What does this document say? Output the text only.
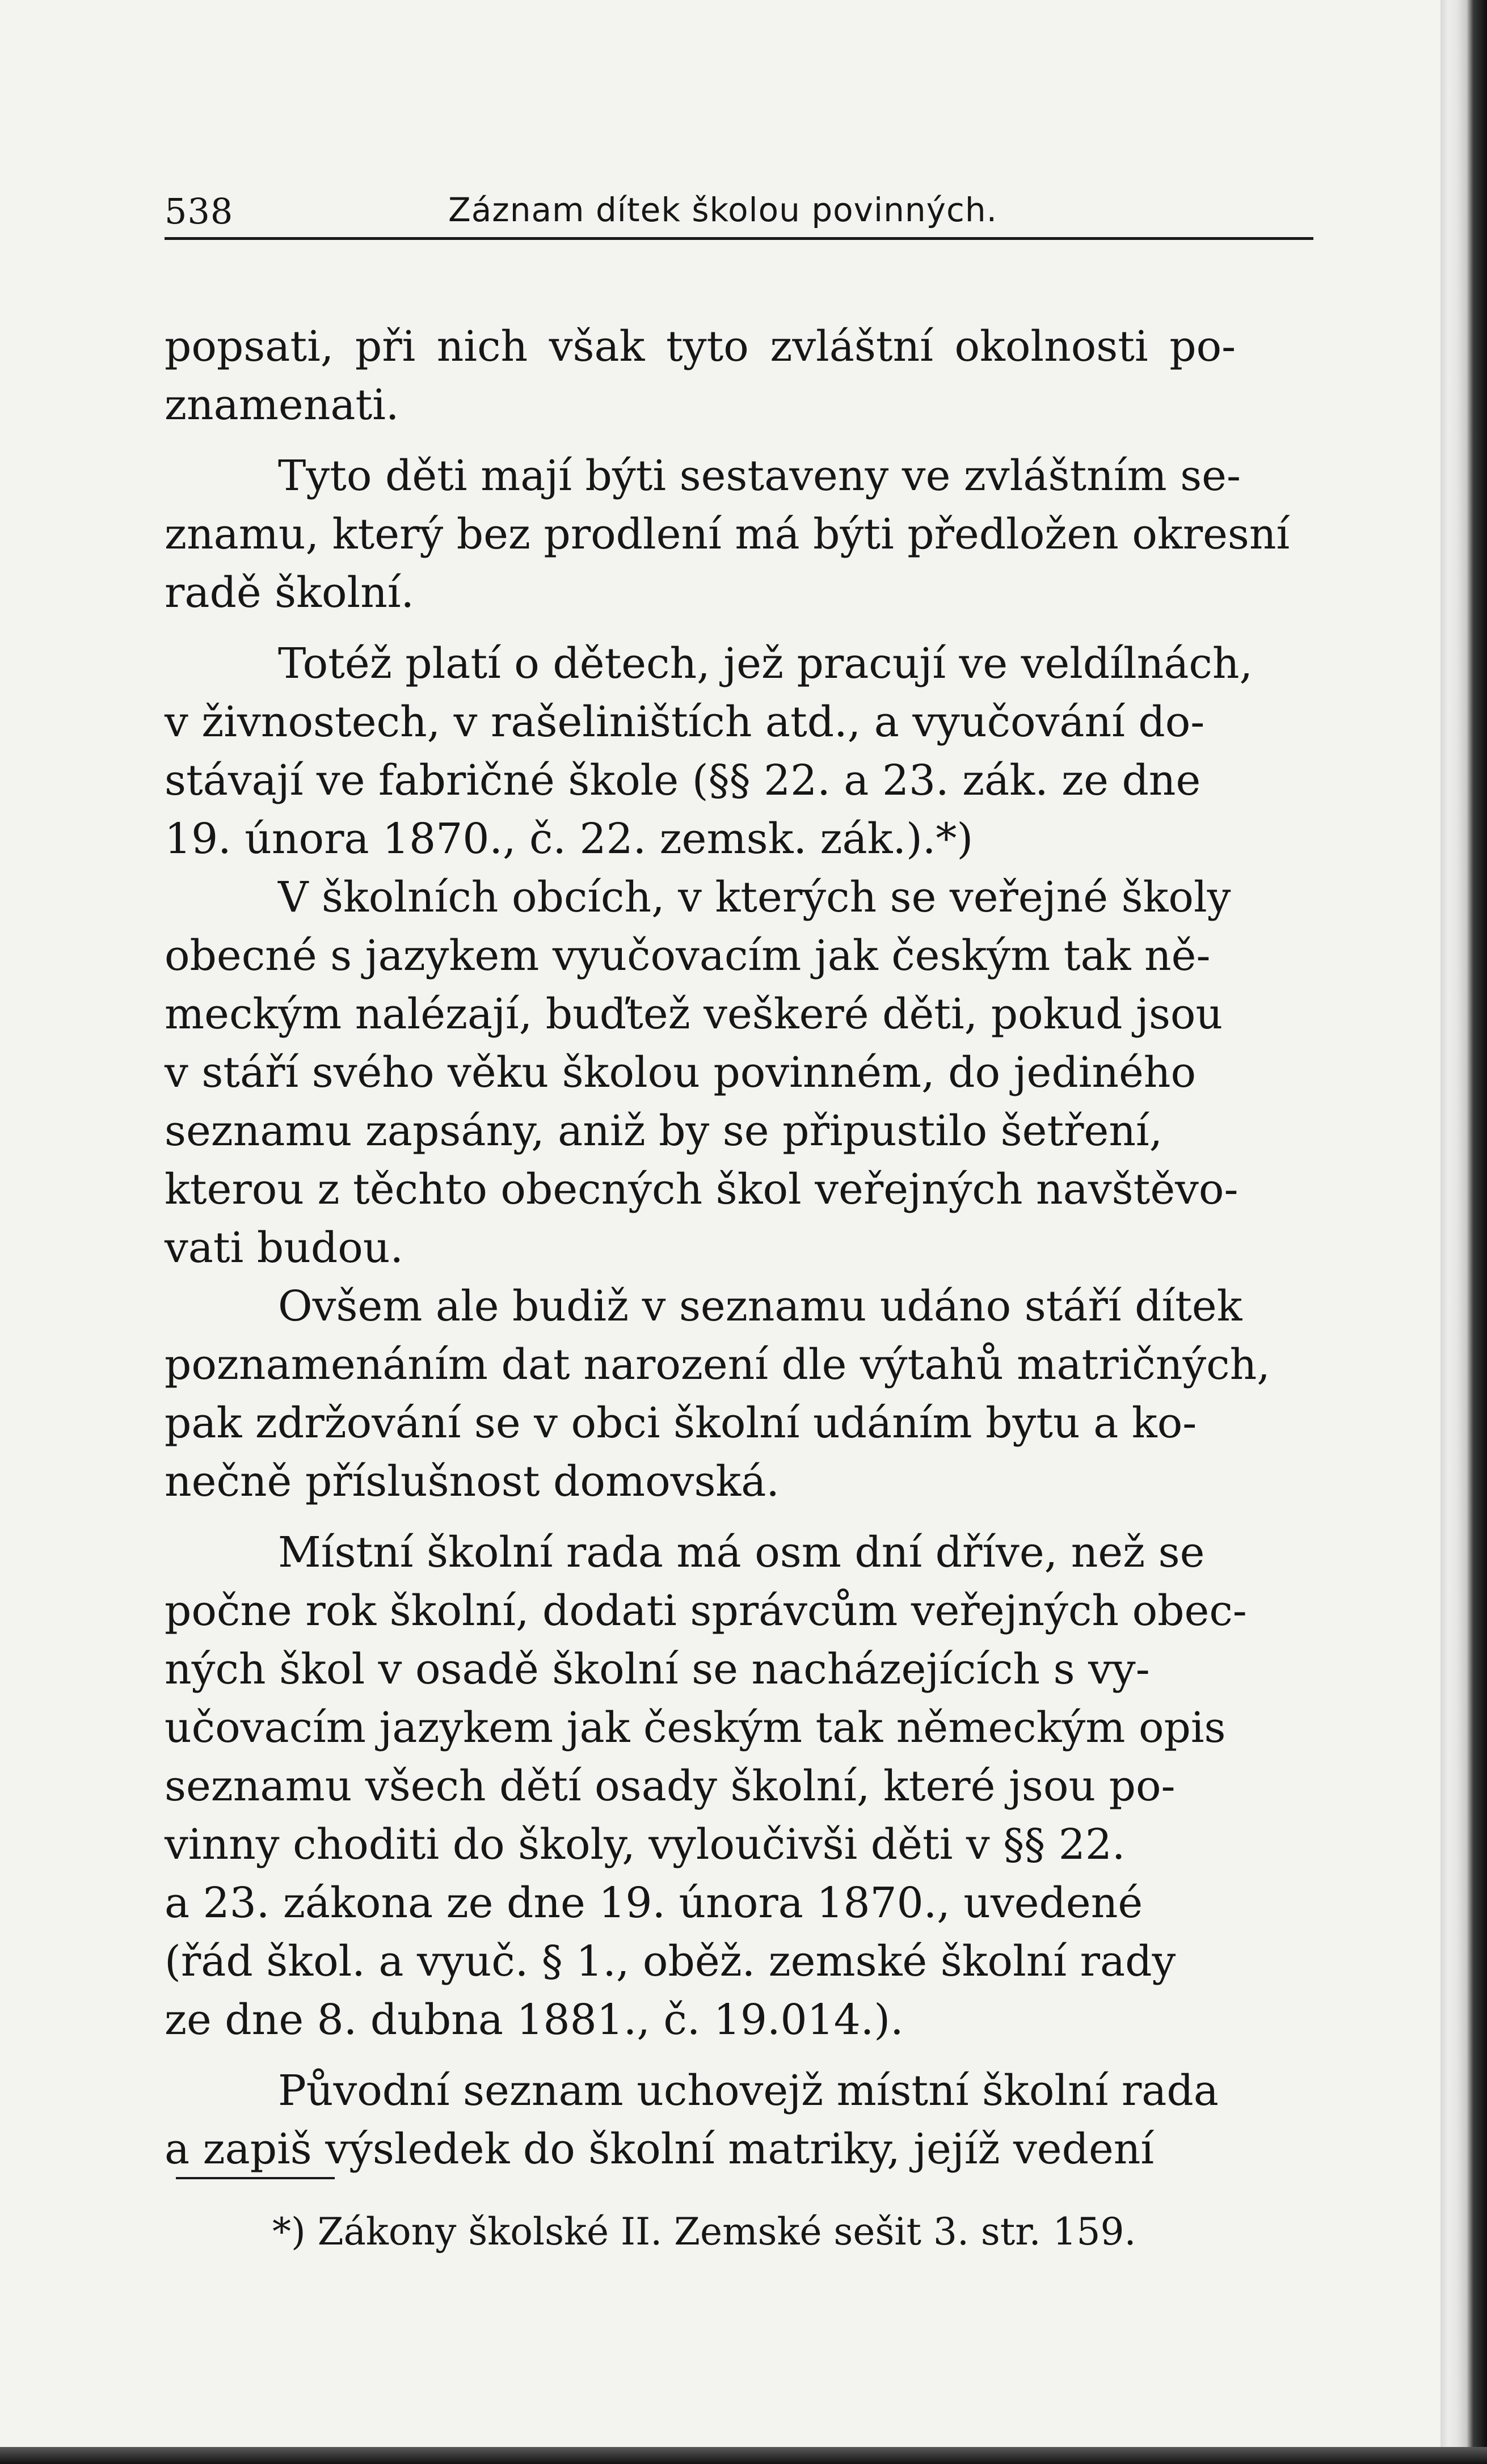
538	Záznam dítek školou povinných.
popsati, při nich však tyto zvláštní okolnosti po-
znamenati.
Tyto děti mají býti sestaveny ve zvláštním se-
znamu, který bez prodlení má býti předložen okresní
radě školní.
Totéž platí o dětech, jež pracují ve veldílnách,
v živnostech, v rašeliništích atd., a vyučování do-
stávají ve fabričné škole (§§ 22. a 23. zák. ze dne
19. února 1870., č. 22. zemsk. zák.).*)
V školních obcích, v kterých se veřejné školy
obecné s jazykem vyučovacím jak českým tak ně-
meckým nalézají, buďtež veškeré děti, pokud jsou
v stáří svého věku školou povinném, do jediného
seznamu zapsány, aniž by se připustilo šetření,
kterou z těchto obecných škol veřejných navštěvo-
vati budou.
Ovšem ale budiž v seznamu udáno stáří dítek
poznamenáním dat narození dle výtahů matričných,
pak zdržování se v obci školní udáním bytu a ko-
nečně příslušnost domovská.
Místní školní rada má osm dní dříve, než se
počne rok školní, dodati správcům veřejných obec-
ných škol v osadě školní se nacházejících s vy-
učovacím jazykem jak českým tak německým opis
seznamu všech dětí osady školní, které jsou po-
vinny choditi do školy, vyloučivši děti v §§ 22.
a 23. zákona ze dne 19. února 1870., uvedené
(řád škol. a vyuč. § 1., oběž. zemské školní rady
ze dne 8. dubna 1881., č. 19.014.).
Původní seznam uchovejž místní školní rada
a zapiš výsledek do školní matriky, jejíž vedení
*) Zákony školské II. Zemské sešit 3. str. 159.
